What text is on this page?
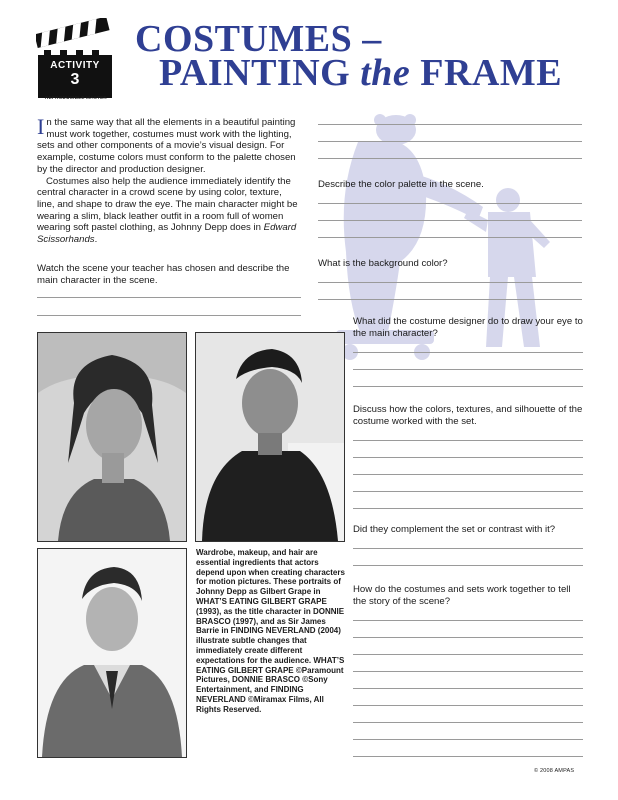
ACTIVITY
3
REPRODUCIBLE MASTER
COSTUMES –
PAINTING the FRAME

In the same way that all the elements in a beautiful painting must work together, costumes must work with the lighting, sets and other components of a movie’s visual design. For example, costume colors must conform to the palette chosen by the director and production designer.

Costumes also help the audience immediately identify the central character in a crowd scene by using color, texture, line, and shape to draw the eye. The main character might be wearing a slim, black leather outfit in a room full of women wearing soft pastel clothing, as Johnny Depp does in Edward Scissorhands.

Watch the scene your teacher has chosen and describe the main character in the scene.
Describe the color palette in the scene.
What is the background color?
What did the costume designer do to draw your eye to the main character?
Discuss how the colors, textures, and silhouette of the costume worked with the set.
Did they complement the set or contrast with it?
Wardrobe, makeup, and hair are essential ingredients that actors depend upon when creating characters for motion pictures. These portraits of Johnny Depp as Gilbert Grape in WHAT’S EATING GILBERT GRAPE (1993), as the title character in DONNIE BRASCO (1997), and as Sir James Barrie in FINDING NEVERLAND (2004) illustrate subtle changes that immediately create different expectations for the audience. WHAT’S EATING GILBERT GRAPE ©Paramount Pictures, DONNIE BRASCO ©Sony Entertainment, and FINDING NEVERLAND ©Miramax Films, All Rights Reserved.
How do the costumes and sets work together to tell the story of the scene?
© 2008 AMPAS
